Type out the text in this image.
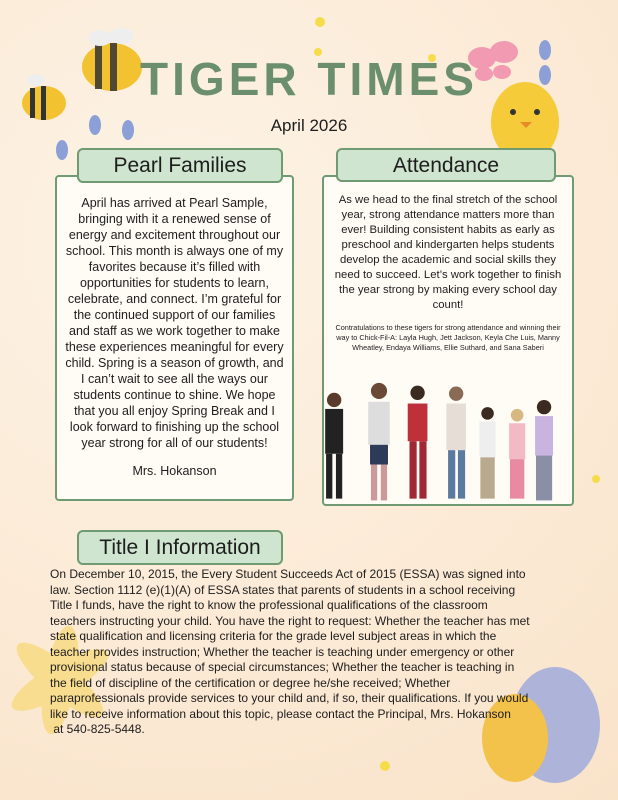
TIGER TIMES
April 2026
Pearl Families

April has arrived at Pearl Sample, bringing with it a renewed sense of energy and excitement throughout our school. This month is always one of my favorites because it’s filled with opportunities for students to learn, celebrate, and connect. I’m grateful for the continued support of our families and staff as we work together to make these experiences meaningful for every child. Spring is a season of growth, and I can’t wait to see all the ways our students continue to shine. We hope that you all enjoy Spring Break and I look forward to finishing up the school year strong for all of our students!

Mrs. Hokanson

Attendance

As we head to the final stretch of the school year, strong attendance matters more than ever! Building consistent habits as early as preschool and kindergarten helps students develop the academic and social skills they need to succeed. Let’s work together to finish the year strong by making every school day count!

Contratulations to these tigers for strong attendance and winning their way to Chick-Fil-A: Layla Hugh, Jett Jackson, Keyla Che Luis, Manny Wheatley, Endaya Williams, Ellie Suthard, and Sana Saberi

Title I Information

On December 10, 2015, the Every Student Succeeds Act of 2015 (ESSA) was signed into law. Section 1112 (e)(1)(A) of ESSA states that parents of students in a school receiving Title I funds, have the right to know the professional qualifications of the classroom teachers instructing your child. You have the right to request: Whether the teacher has met state qualification and licensing criteria for the grade level subject areas in which the teacher provides instruction; Whether the teacher is teaching under emergency or other provisional status because of special circumstances; Whether the teacher is teaching in the field of discipline of the certification or degree he/she received; Whether paraprofessionals provide services to your child and, if so, their qualifications. If you would like to receive information about this topic, please contact the Principal, Mrs. Hokanson

at 540-825-5448.
